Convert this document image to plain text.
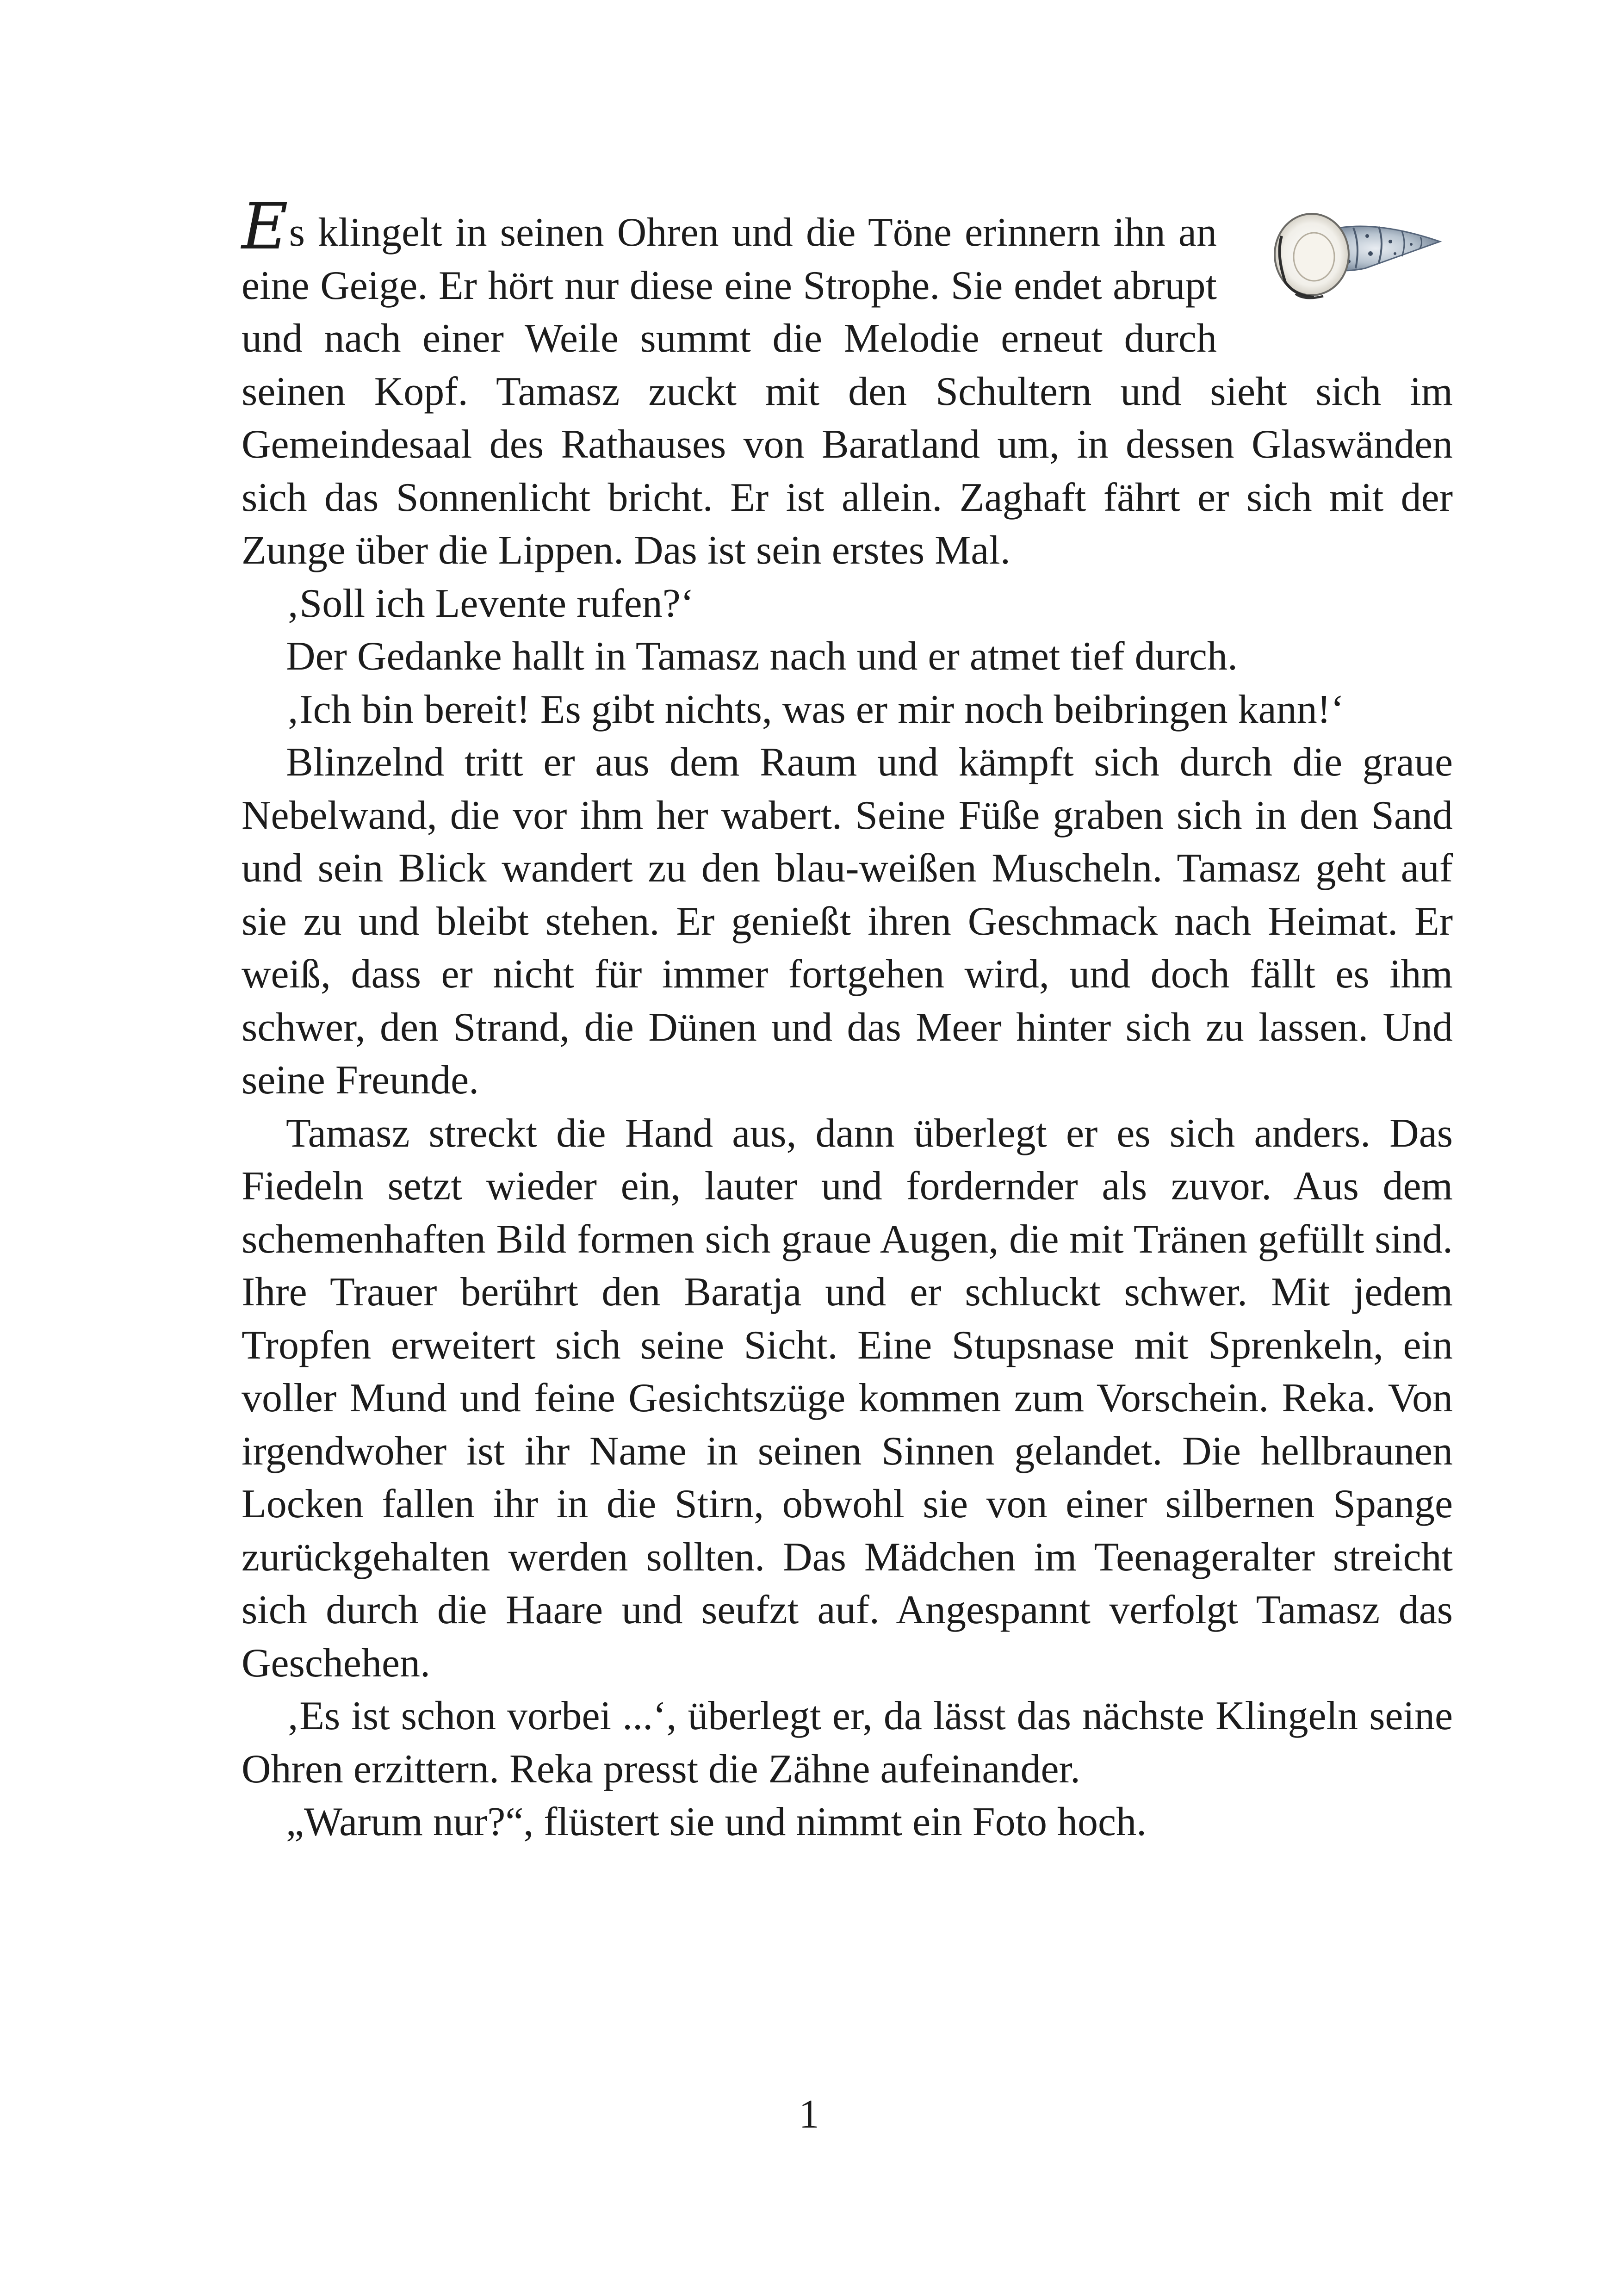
Es klingelt in seinen Ohren und die Töne erinnern ihn an eine Geige. Er hört nur diese eine Strophe. Sie endet abrupt und nach einer Weile summt die Melodie erneut durch seinen Kopf. Tamasz zuckt mit den Schultern und sieht sich im Gemeindesaal des Rathauses von Baratland um, in dessen Glaswänden sich das Sonnenlicht bricht. Er ist allein. Zaghaft fährt er sich mit der Zunge über die Lippen. Das ist sein erstes Mal.

‚Soll ich Levente rufen?‘

Der Gedanke hallt in Tamasz nach und er atmet tief durch.

‚Ich bin bereit! Es gibt nichts, was er mir noch beibringen kann!‘

Blinzelnd tritt er aus dem Raum und kämpft sich durch die graue Nebelwand, die vor ihm her wabert. Seine Füße graben sich in den Sand und sein Blick wandert zu den blau-weißen Muscheln. Tamasz geht auf sie zu und bleibt stehen. Er genießt ihren Geschmack nach Heimat. Er weiß, dass er nicht für immer fortgehen wird, und doch fällt es ihm schwer, den Strand, die Dünen und das Meer hinter sich zu lassen. Und seine Freunde.

Tamasz streckt die Hand aus, dann überlegt er es sich anders. Das Fiedeln setzt wieder ein, lauter und fordernder als zuvor. Aus dem schemenhaften Bild formen sich graue Augen, die mit Tränen gefüllt sind. Ihre Trauer berührt den Baratja und er schluckt schwer. Mit jedem Tropfen erweitert sich seine Sicht. Eine Stupsnase mit Sprenkeln, ein voller Mund und feine Gesichtszüge kommen zum Vorschein. Reka. Von irgendwoher ist ihr Name in seinen Sinnen gelandet. Die hellbraunen Locken fallen ihr in die Stirn, obwohl sie von einer silbernen Spange zurückgehalten werden sollten. Das Mädchen im Teenageralter streicht sich durch die Haare und seufzt auf. Angespannt verfolgt Tamasz das Geschehen.

‚Es ist schon vorbei ...‘, überlegt er, da lässt das nächste Klingeln seine Ohren erzittern. Reka presst die Zähne aufeinander.

„Warum nur?“, flüstert sie und nimmt ein Foto hoch.

1
